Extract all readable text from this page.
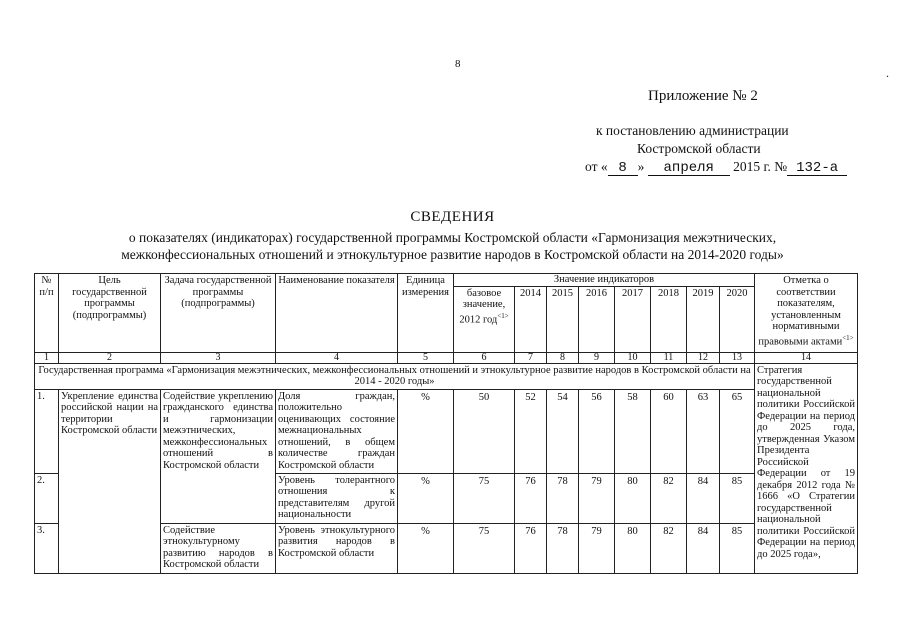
8
.
Приложение № 2
к постановлению администрации
Костромской области
от « 8 » апреля 2015 г. № 132-а
СВЕДЕНИЯ
о показателях (индикаторах) государственной программы Костромской области «Гармонизация межэтнических,
межконфессиональных отношений и этнокультурное развитие народов в Костромской области на 2014-2020 годы»
№ п/п	Цель государственной программы (подпрограммы)	Задача государственной программы (подпрограммы)	Наименование показателя	Единица измерения	Значение индикаторов								Отметка о соответствии показателям, установленным нормативными правовыми актами$^{<1>}$
					базовое значение, 2012 год$^{<1>}$	2014	2015	2016	2017	2018	2019	2020	
1	2	3	4	5	6	7	8	9	10	11	12	13	14
Государственная программа «Гармонизация межэтнических, межконфессиональных отношений и этнокультурное развитие народов в Костромской области на 2014 - 2020 годы»													Стратегия государственной национальной политики Российской Федерации на период до 2025 года, утвержденная Указом Президента Российской Федерации от 19 декабря 2012 года № 1666 «О Стратегии государственной национальной политики Российской Федерации на период до 2025 года»,
1.	Укрепление единства российской нации на территории Костромской области	Содействие укреплению гражданского единства и гармонизации межэтнических, межконфессиональных отношений в Костромской области	Доля граждан, положительно оценивающих состояние межнациональных отношений, в общем количестве граждан Костромской области	%	50	52	54	56	58	60	63	65	
2.			Уровень толерантного отношения к представителям другой национальности	%	75	76	78	79	80	82	84	85	
3.		Содействие этнокультурному развитию народов в Костромской области	Уровень этнокультурного развития народов в Костромской области	%	75	76	78	79	80	82	84	85	
